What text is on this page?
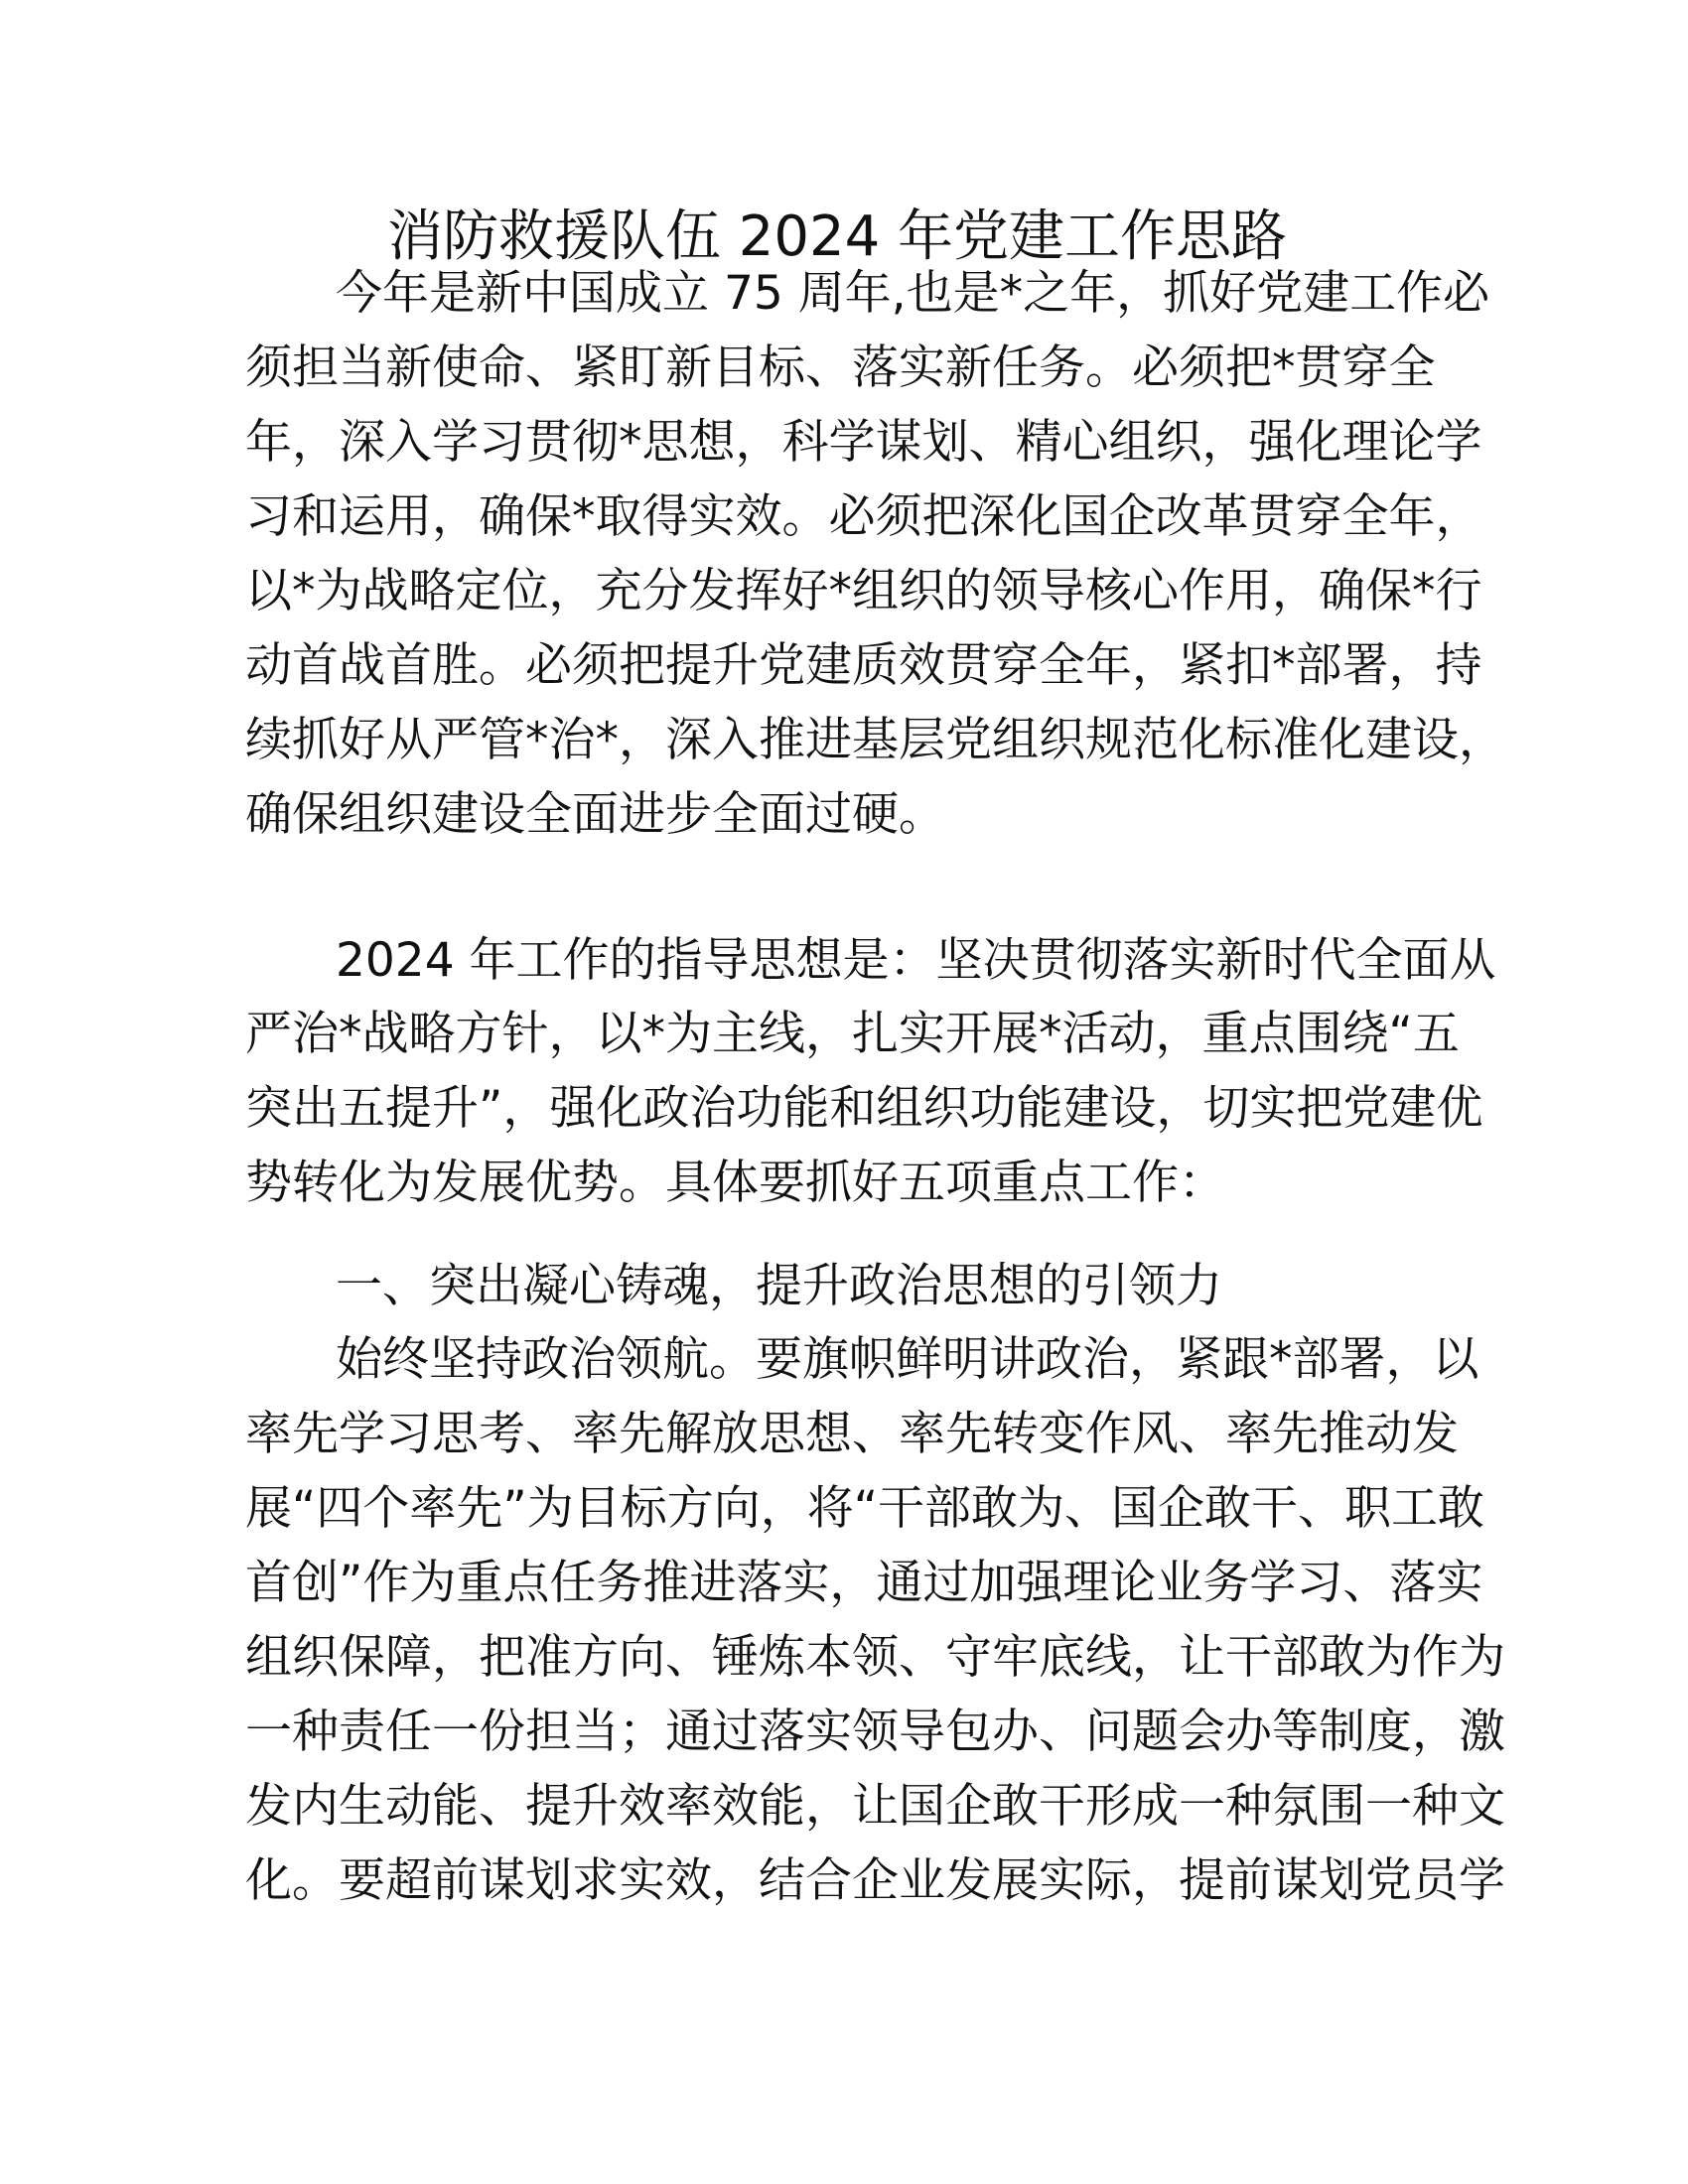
消防救援队伍 2024 年党建工作思路
今年是新中国成立 75 周年,也是*之年，抓好党建工作必
须担当新使命、紧盯新目标、落实新任务。必须把*贯穿全
年，深入学习贯彻*思想，科学谋划、精心组织，强化理论学
习和运用，确保*取得实效。必须把深化国企改革贯穿全年，
以*为战略定位，充分发挥好*组织的领导核心作用，确保*行
动首战首胜。必须把提升党建质效贯穿全年，紧扣*部署，持
续抓好从严管*治*，深入推进基层党组织规范化标准化建设，
确保组织建设全面进步全面过硬。
2024 年工作的指导思想是：坚决贯彻落实新时代全面从
严治*战略方针，以*为主线，扎实开展*活动，重点围绕“五
突出五提升”，强化政治功能和组织功能建设，切实把党建优
势转化为发展优势。具体要抓好五项重点工作：
一、突出凝心铸魂，提升政治思想的引领力
始终坚持政治领航。要旗帜鲜明讲政治，紧跟*部署，以
率先学习思考、率先解放思想、率先转变作风、率先推动发
展“四个率先”为目标方向，将“干部敢为、国企敢干、职工敢
首创”作为重点任务推进落实，通过加强理论业务学习、落实
组织保障，把准方向、锤炼本领、守牢底线，让干部敢为作为
一种责任一份担当；通过落实领导包办、问题会办等制度，激
发内生动能、提升效率效能，让国企敢干形成一种氛围一种文
化。要超前谋划求实效，结合企业发展实际，提前谋划党员学
